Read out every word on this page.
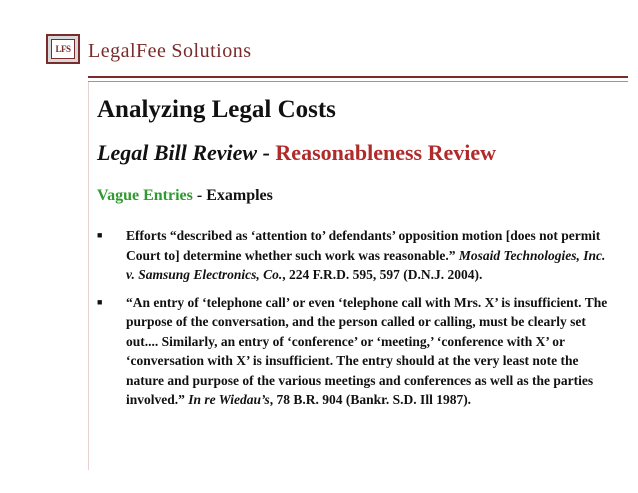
LFS LegalFee Solutions
Analyzing Legal Costs
Legal Bill Review - Reasonableness Review
Vague Entries - Examples
■	Efforts “described as ‘attention to’ defendants’ opposition motion [does not permit Court to] determine whether such work was reasonable.” Mosaid Technologies, Inc. v. Samsung Electronics, Co., 224 F.R.D. 595, 597 (D.N.J. 2004).
■	“An entry of ‘telephone call’ or even ‘telephone call with Mrs. X’ is insufficient. The purpose of the conversation, and the person called or calling, must be clearly set out.... Similarly, an entry of ‘conference’ or ‘meeting,’ ‘conference with X’ or ‘conversation with X’ is insufficient. The entry should at the very least note the nature and purpose of the various meetings and conferences as well as the parties involved.” In re Wiedau’s, 78 B.R. 904 (Bankr. S.D. Ill 1987).
